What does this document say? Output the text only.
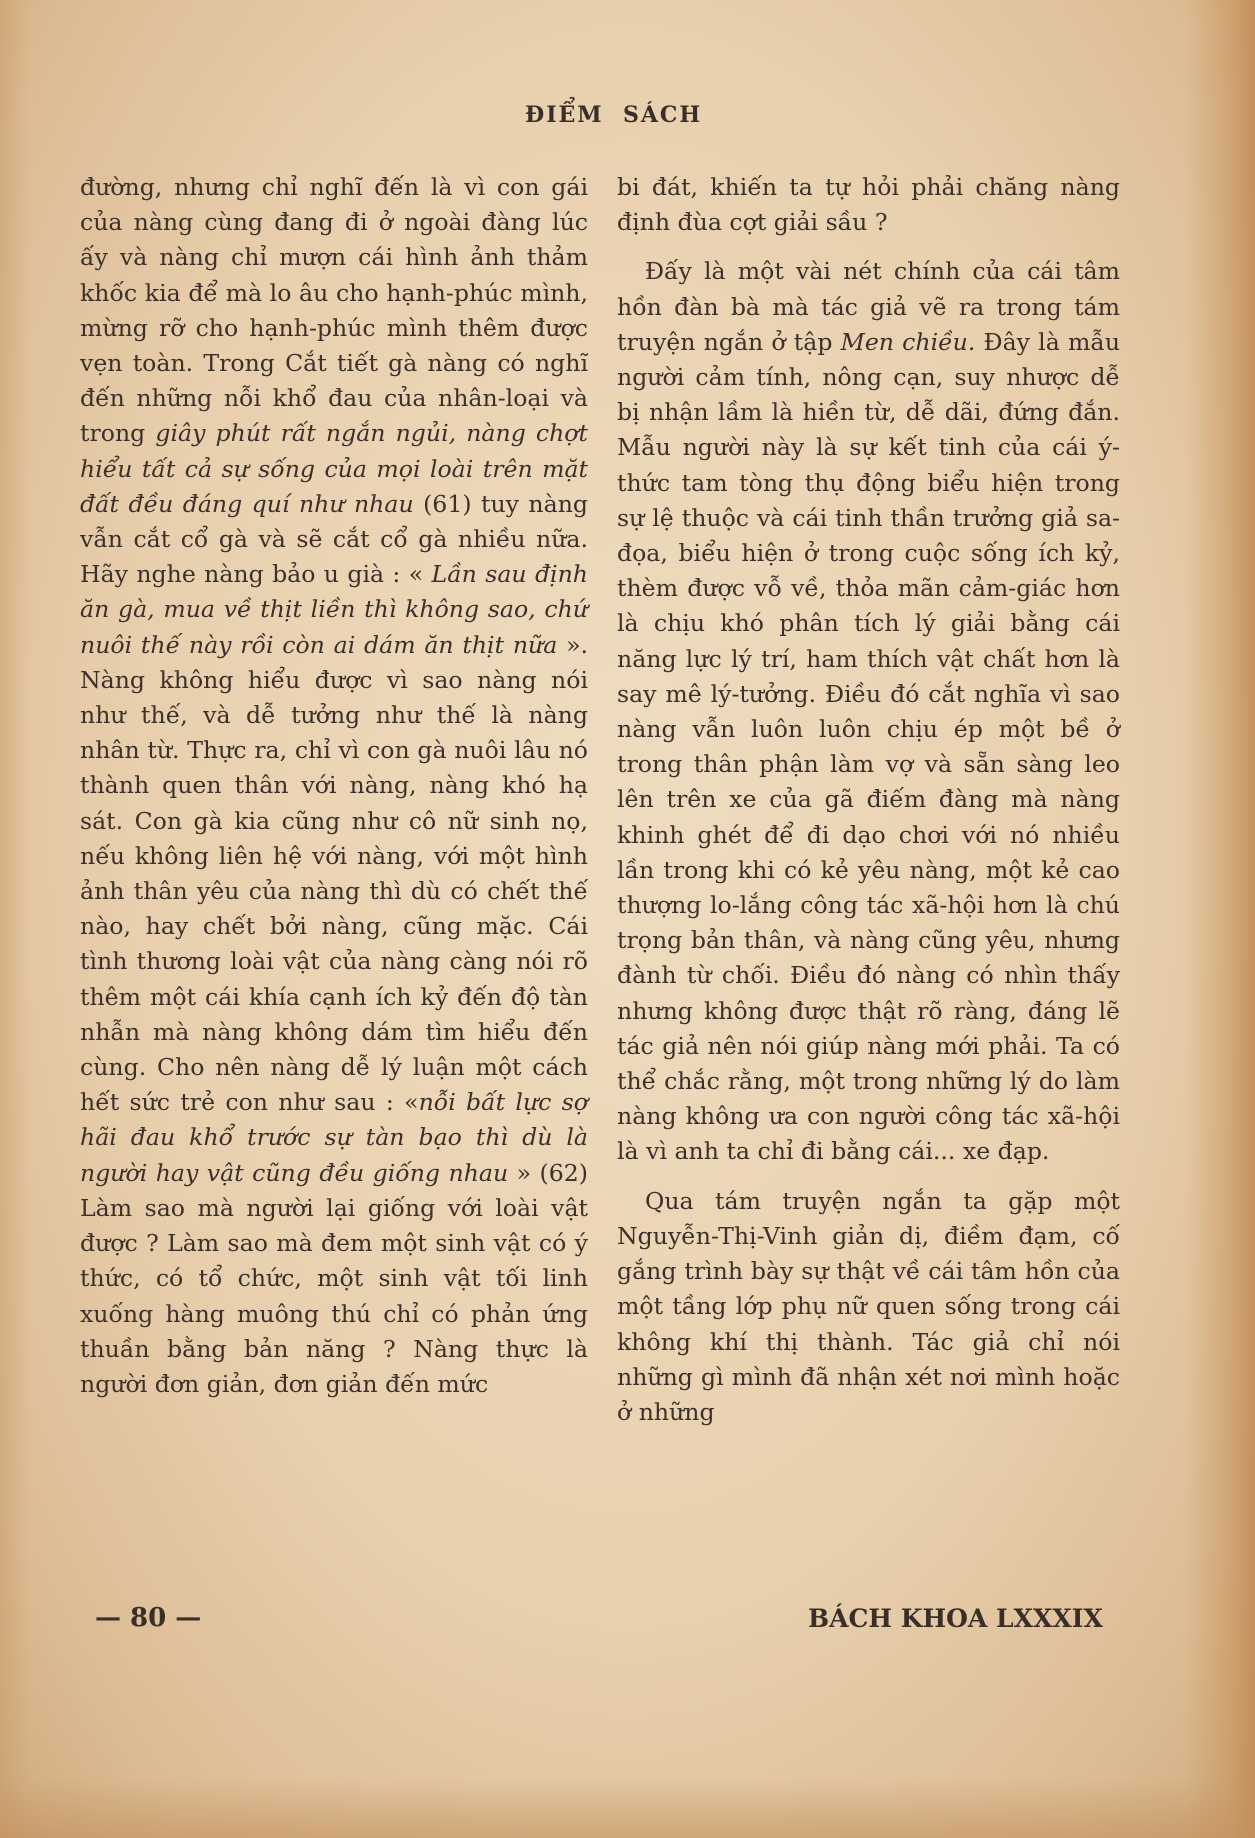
ĐIỂM  SÁCH

đường, nhưng chỉ nghĩ đến là vì con gái của nàng cùng đang đi ở ngoài đàng lúc ấy và nàng chỉ mượn cái hình ảnh thảm khốc kia để mà lo âu cho hạnh-phúc mình, mừng rỡ cho hạnh-phúc mình thêm được vẹn toàn. Trong Cắt tiết gà nàng có nghĩ đến những nỗi khổ đau của nhân-loại và trong giây phút rất ngắn ngủi, nàng chợt hiểu tất cả sự sống của mọi loài trên mặt đất đều đáng quí như nhau (61) tuy nàng vẫn cắt cổ gà và sẽ cắt cổ gà nhiều nữa. Hãy nghe nàng bảo u già : « Lần sau định ăn gà, mua về thịt liền thì không sao, chứ nuôi thế này rồi còn ai dám ăn thịt nữa ». Nàng không hiểu được vì sao nàng nói như thế, và dễ tưởng như thế là nàng nhân từ. Thực ra, chỉ vì con gà nuôi lâu nó thành quen thân với nàng, nàng khó hạ sát. Con gà kia cũng như cô nữ sinh nọ, nếu không liên hệ với nàng, với một hình ảnh thân yêu của nàng thì dù có chết thế nào, hay chết bởi nàng, cũng mặc. Cái tình thương loài vật của nàng càng nói rõ thêm một cái khía cạnh ích kỷ đến độ tàn nhẫn mà nàng không dám tìm hiểu đến cùng. Cho nên nàng dễ lý luận một cách hết sức trẻ con như sau : «nỗi bất lực sợ hãi đau khổ trước sự tàn bạo thì dù là người hay vật cũng đều giống nhau » (62) Làm sao mà người lại giống với loài vật được ? Làm sao mà đem một sinh vật có ý thức, có tổ chức, một sinh vật tối linh xuống hàng muông thú chỉ có phản ứng thuần bằng bản năng ? Nàng thực là người đơn giản, đơn giản đến mức

bi đát, khiến ta tự hỏi phải chăng nàng định đùa cợt giải sầu ?

Đấy là một vài nét chính của cái tâm hồn đàn bà mà tác giả vẽ ra trong tám truyện ngắn ở tập Men chiều. Đây là mẫu người cảm tính, nông cạn, suy nhược dễ bị nhận lầm là hiền từ, dễ dãi, đứng đắn. Mẫu người này là sự kết tinh của cái ý-thức tam tòng thụ động biểu hiện trong sự lệ thuộc và cái tinh thần trưởng giả sa-đọa, biểu hiện ở trong cuộc sống ích kỷ, thèm được vỗ về, thỏa mãn cảm-giác hơn là chịu khó phân tích lý giải bằng cái năng lực lý trí, ham thích vật chất hơn là say mê lý-tưởng. Điều đó cắt nghĩa vì sao nàng vẫn luôn luôn chịu ép một bề ở trong thân phận làm vợ và sẵn sàng leo lên trên xe của gã điếm đàng mà nàng khinh ghét để đi dạo chơi với nó nhiều lần trong khi có kẻ yêu nàng, một kẻ cao thượng lo-lắng công tác xã-hội hơn là chú trọng bản thân, và nàng cũng yêu, nhưng đành từ chối. Điều đó nàng có nhìn thấy nhưng không được thật rõ ràng, đáng lẽ tác giả nên nói giúp nàng mới phải. Ta có thể chắc rằng, một trong những lý do làm nàng không ưa con người công tác xã-hội là vì anh ta chỉ đi bằng cái... xe đạp.

Qua tám truyện ngắn ta gặp một Nguyễn-Thị-Vinh giản dị, điềm đạm, cố gắng trình bày sự thật về cái tâm hồn của một tầng lớp phụ nữ quen sống trong cái không khí thị thành. Tác giả chỉ nói những gì mình đã nhận xét nơi mình hoặc ở những

— 80 —	BÁCH KHOA LXXXIX
